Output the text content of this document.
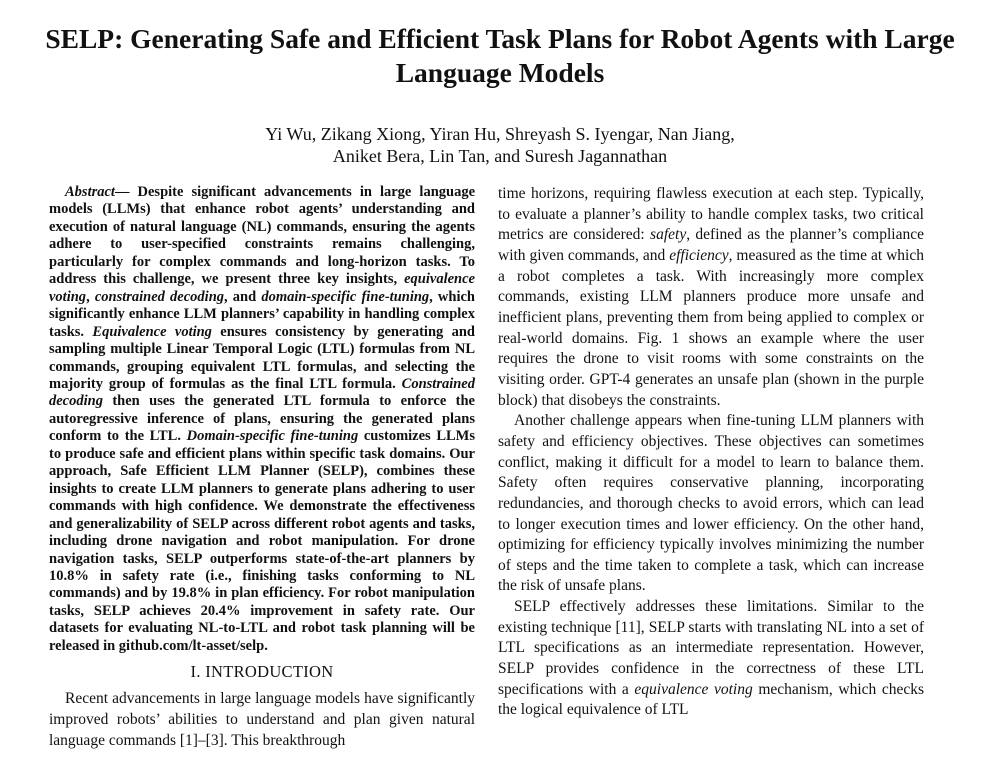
SELP: Generating Safe and Efficient Task Plans for Robot Agents with Large Language Models
Yi Wu, Zikang Xiong, Yiran Hu, Shreyash S. Iyengar, Nan Jiang,
Aniket Bera, Lin Tan, and Suresh Jagannathan

Abstract— Despite significant advancements in large language models (LLMs) that enhance robot agents’ understanding and execution of natural language (NL) commands, ensuring the agents adhere to user-specified constraints remains challenging, particularly for complex commands and long-horizon tasks. To address this challenge, we present three key insights, equivalence voting, constrained decoding, and domain-specific fine-tuning, which significantly enhance LLM planners’ capability in handling complex tasks. Equivalence voting ensures consistency by generating and sampling multiple Linear Temporal Logic (LTL) formulas from NL commands, grouping equivalent LTL formulas, and selecting the majority group of formulas as the final LTL formula. Constrained decoding then uses the generated LTL formula to enforce the autoregressive inference of plans, ensuring the generated plans conform to the LTL. Domain-specific fine-tuning customizes LLMs to produce safe and efficient plans within specific task domains. Our approach, Safe Efficient LLM Planner (SELP), combines these insights to create LLM planners to generate plans adhering to user commands with high confidence. We demonstrate the effectiveness and generalizability of SELP across different robot agents and tasks, including drone navigation and robot manipulation. For drone navigation tasks, SELP outperforms state-of-the-art planners by 10.8% in safety rate (i.e., finishing tasks conforming to NL commands) and by 19.8% in plan efficiency. For robot manipulation tasks, SELP achieves 20.4% improvement in safety rate. Our datasets for evaluating NL-to-LTL and robot task planning will be released in github.com/lt-asset/selp.

I. INTRODUCTION

Recent advancements in large language models have significantly improved robots’ abilities to understand and plan given natural language commands [1]–[3]. This breakthrough

time horizons, requiring flawless execution at each step. Typically, to evaluate a planner’s ability to handle complex tasks, two critical metrics are considered: safety, defined as the planner’s compliance with given commands, and efficiency, measured as the time at which a robot completes a task. With increasingly more complex commands, existing LLM planners produce more unsafe and inefficient plans, preventing them from being applied to complex or real-world domains. Fig. 1 shows an example where the user requires the drone to visit rooms with some constraints on the visiting order. GPT-4 generates an unsafe plan (shown in the purple block) that disobeys the constraints.

Another challenge appears when fine-tuning LLM planners with safety and efficiency objectives. These objectives can sometimes conflict, making it difficult for a model to learn to balance them. Safety often requires conservative planning, incorporating redundancies, and thorough checks to avoid errors, which can lead to longer execution times and lower efficiency. On the other hand, optimizing for efficiency typically involves minimizing the number of steps and the time taken to complete a task, which can increase the risk of unsafe plans.

SELP effectively addresses these limitations. Similar to the existing technique [11], SELP starts with translating NL into a set of LTL specifications as an intermediate representation. However, SELP provides confidence in the correctness of these LTL specifications with a equivalence voting mechanism, which checks the logical equivalence of LTL
